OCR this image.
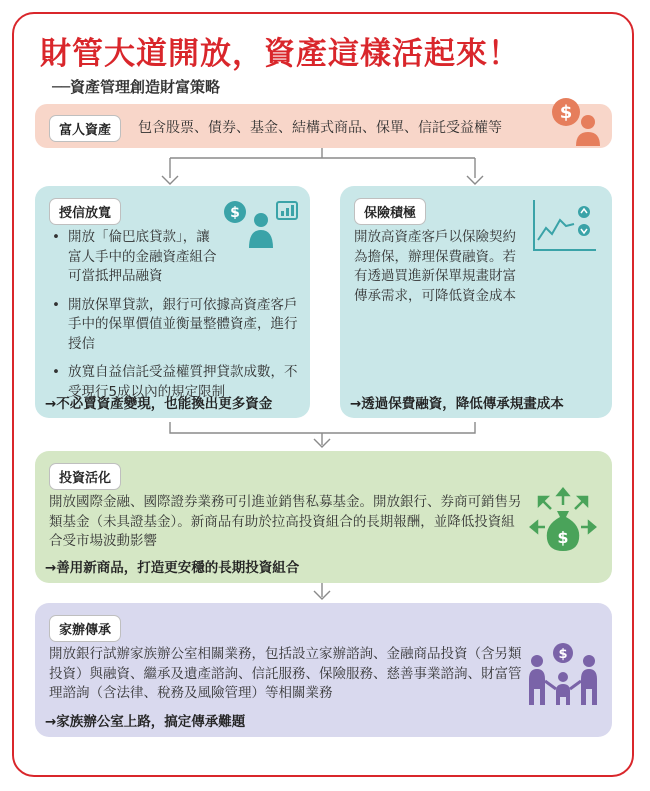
財管大道開放，資產這樣活起來！
──資產管理創造財富策略
富人資產	包含股票、債券、基金、結構式商品、保單、信託受益權等
$
授信放寬	$
• 開放「倫巴底貸款」，讓富人手中的金融資產組合可當抵押品融資
• 開放保單貸款，銀行可依據高資產客戶手中的保單價值並衡量整體資產，進行授信
• 放寬自益信託受益權質押貸款成數，不受現行5成以內的規定限制
→不必賣資產變現，也能換出更多資金
保險積極
開放高資產客戶以保險契約為擔保，辦理保費融資。若有透過買進新保單規畫財富傳承需求，可降低資金成本
→透過保費融資，降低傳承規畫成本
投資活化
$
開放國際金融、國際證券業務可引進並銷售私募基金。開放銀行、券商可銷售另類基金（未具證基金）。新商品有助於拉高投資組合的長期報酬，並降低投資組合受市場波動影響
→善用新商品，打造更安穩的長期投資組合
家辦傳承
$
開放銀行試辦家族辦公室相關業務，包括設立家辦諮詢、金融商品投資（含另類投資）與融資、繼承及遺產諮詢、信託服務、保險服務、慈善事業諮詢、財富管理諮詢（含法律、稅務及風險管理）等相關業務
→家族辦公室上路，搞定傳承難題
